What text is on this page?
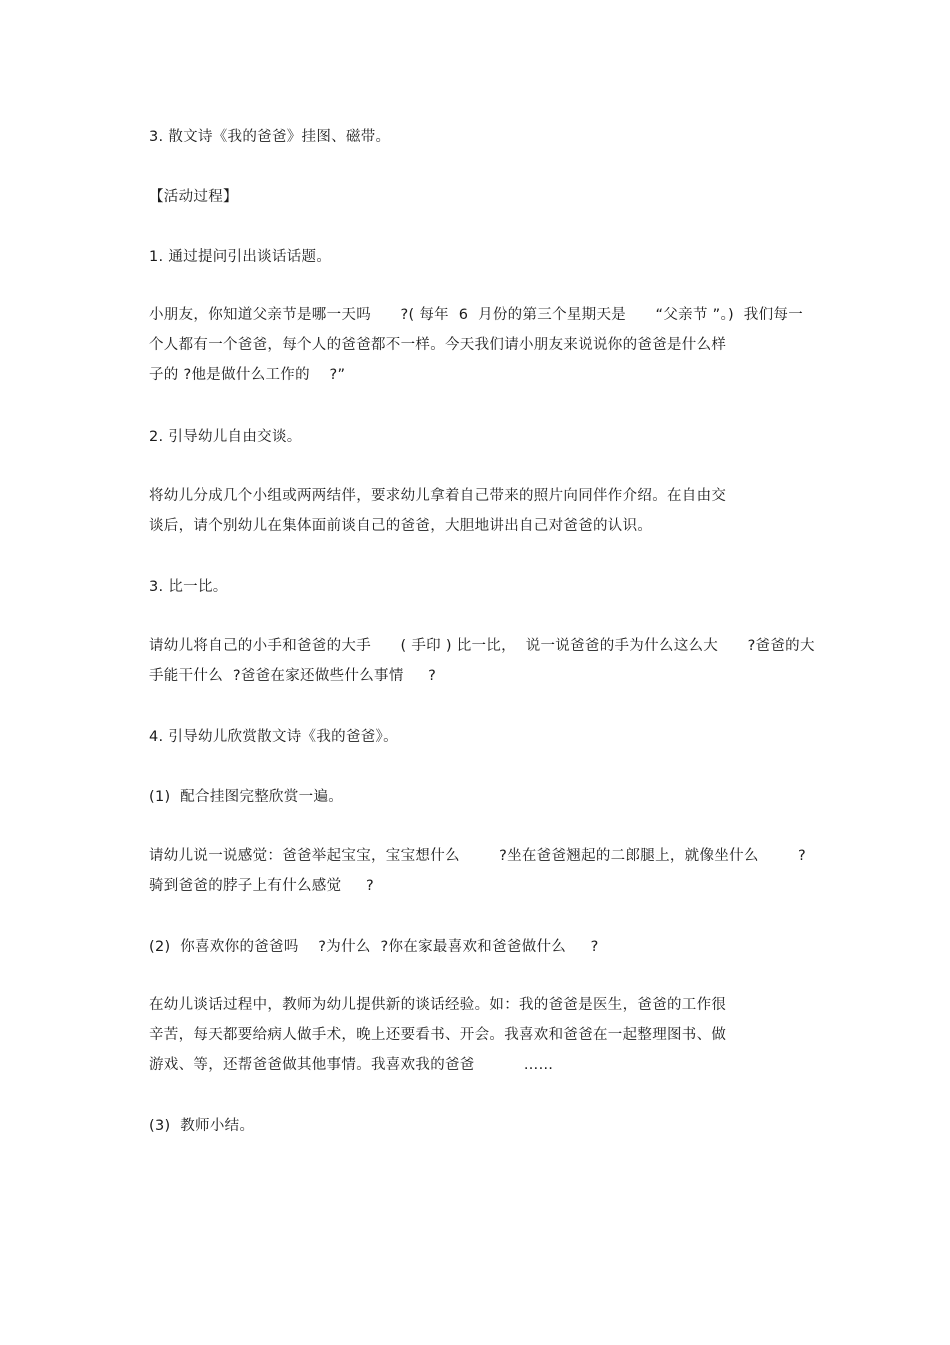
3. 散文诗《我的爸爸》挂图、磁带。
【活动过程】
1. 通过提问引出谈话话题。
小朋友，你知道父亲节是哪一天吗      ?( 每年  6  月份的第三个星期天是      “父亲节 ”。)  我们每一
个人都有一个爸爸，每个人的爸爸都不一样。今天我们请小朋友来说说你的爸爸是什么样
子的 ?他是做什么工作的    ?”
2. 引导幼儿自由交谈。
将幼儿分成几个小组或两两结伴，要求幼儿拿着自己带来的照片向同伴作介绍。在自由交
谈后，请个别幼儿在集体面前谈自己的爸爸，大胆地讲出自己对爸爸的认识。
3. 比一比。
请幼儿将自己的小手和爸爸的大手      ( 手印 ) 比一比，  说一说爸爸的手为什么这么大      ?爸爸的大
手能干什么  ?爸爸在家还做些什么事情     ?
4. 引导幼儿欣赏散文诗《我的爸爸》。
(1)  配合挂图完整欣赏一遍。
请幼儿说一说感觉：爸爸举起宝宝，宝宝想什么        ?坐在爸爸翘起的二郎腿上，就像坐什么        ?
骑到爸爸的脖子上有什么感觉     ?
(2)  你喜欢你的爸爸吗    ?为什么  ?你在家最喜欢和爸爸做什么     ?
在幼儿谈话过程中，教师为幼儿提供新的谈话经验。如：我的爸爸是医生，爸爸的工作很
辛苦，每天都要给病人做手术，晚上还要看书、开会。我喜欢和爸爸在一起整理图书、做
游戏、等，还帮爸爸做其他事情。我喜欢我的爸爸          ……
(3)  教师小结。
